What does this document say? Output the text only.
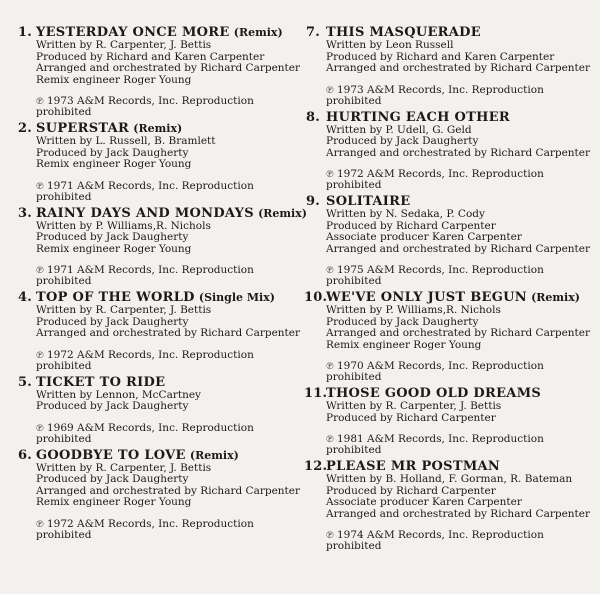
1. YESTERDAY ONCE MORE (Remix)
Written by R. Carpenter, J. Bettis
Produced by Richard and Karen Carpenter
Arranged and orchestrated by Richard Carpenter
Remix engineer Roger Young
℗ 1973 A&M Records, Inc. Reproduction prohibited
2. SUPERSTAR (Remix)
Written by L. Russell, B. Bramlett
Produced by Jack Daugherty
Remix engineer Roger Young
℗ 1971 A&M Records, Inc. Reproduction prohibited
3. RAINY DAYS AND MONDAYS (Remix)
Written by P. Williams,R. Nichols
Produced by Jack Daugherty
Remix engineer Roger Young
℗ 1971 A&M Records, Inc. Reproduction prohibited
4. TOP OF THE WORLD (Single Mix)
Written by R. Carpenter, J. Bettis
Produced by Jack Daugherty
Arranged and orchestrated by Richard Carpenter
℗ 1972 A&M Records, Inc. Reproduction prohibited
5. TICKET TO RIDE
Written by Lennon, McCartney
Produced by Jack Daugherty
℗ 1969 A&M Records, Inc. Reproduction prohibited
6. GOODBYE TO LOVE (Remix)
Written by R. Carpenter, J. Bettis
Produced by Jack Daugherty
Arranged and orchestrated by Richard Carpenter
Remix engineer Roger Young
℗ 1972 A&M Records, Inc. Reproduction prohibited
7. THIS MASQUERADE
Written by Leon Russell
Produced by Richard and Karen Carpenter
Arranged and orchestrated by Richard Carpenter
℗ 1973 A&M Records, Inc. Reproduction prohibited
8. HURTING EACH OTHER
Written by P. Udell, G. Geld
Produced by Jack Daugherty
Arranged and orchestrated by Richard Carpenter
℗ 1972 A&M Records, Inc. Reproduction prohibited
9. SOLITAIRE
Written by N. Sedaka, P. Cody
Produced by Richard Carpenter
Associate producer Karen Carpenter
Arranged and orchestrated by Richard Carpenter
℗ 1975 A&M Records, Inc. Reproduction prohibited
10.
WE'VE ONLY JUST BEGUN (Remix)
Written by P. Williams,R. Nichols
Produced by Jack Daugherty
Arranged and orchestrated by Richard Carpenter
Remix engineer Roger Young
℗ 1970 A&M Records, Inc. Reproduction prohibited
11.
THOSE GOOD OLD DREAMS
Written by R. Carpenter, J. Bettis
Produced by Richard Carpenter
℗ 1981 A&M Records, Inc. Reproduction prohibited
12.
PLEASE MR POSTMAN
Written by B. Holland, F. Gorman, R. Bateman
Produced by Richard Carpenter
Associate producer Karen Carpenter
Arranged and orchestrated by Richard Carpenter
℗ 1974 A&M Records, Inc. Reproduction prohibited
